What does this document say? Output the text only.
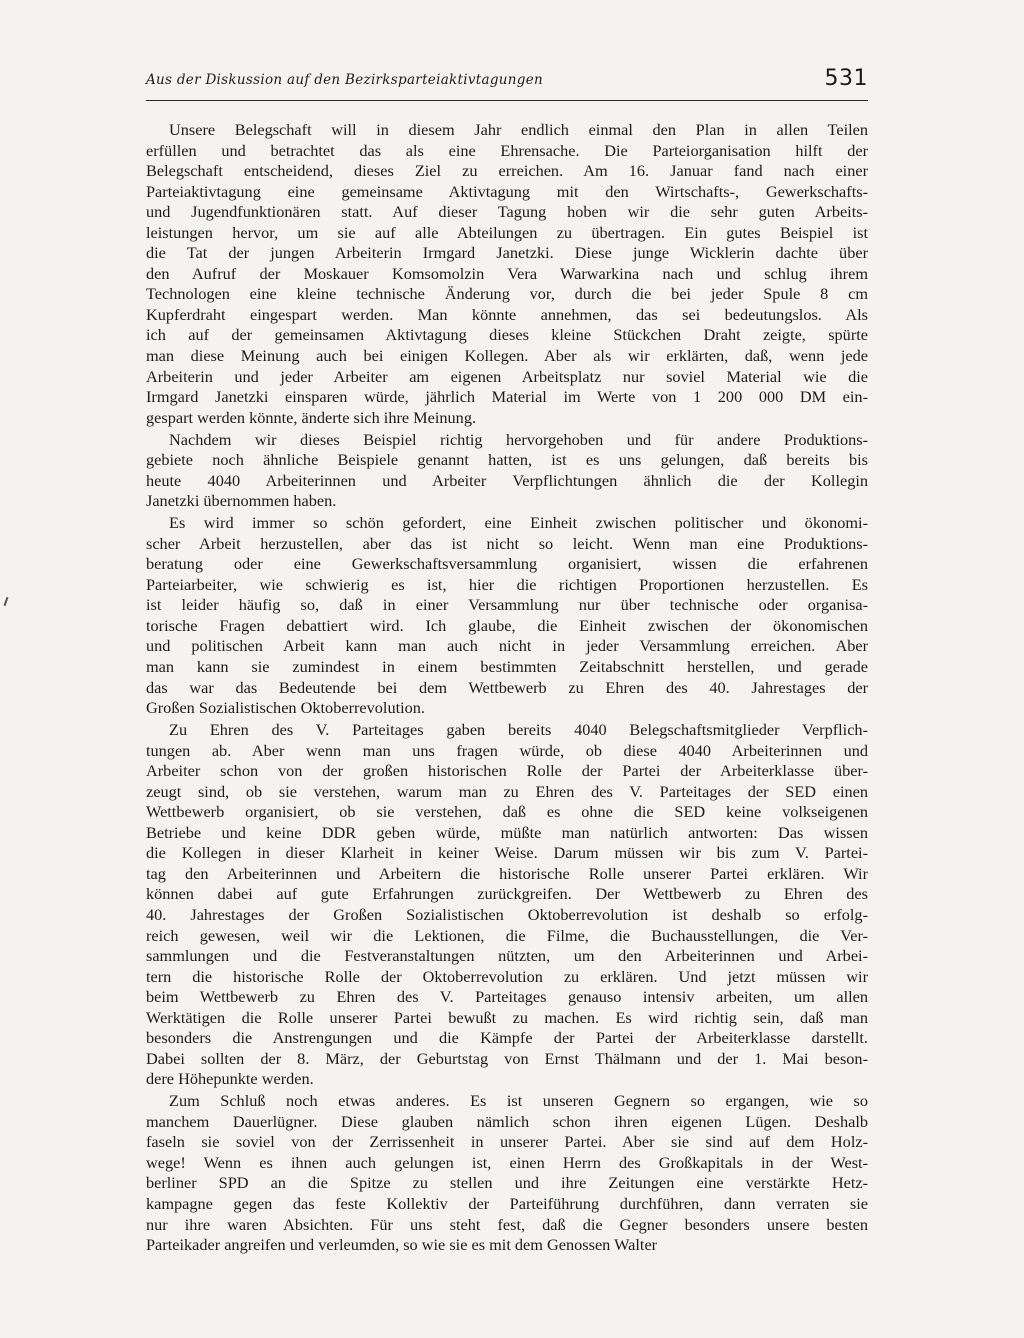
Aus der Diskussion auf den Bezirksparteiaktivtagungen	531
Unsere Belegschaft will in diesem Jahr endlich einmal den Plan in allen Teilen
erfüllen und betrachtet das als eine Ehrensache. Die Parteiorganisation hilft der
Belegschaft entscheidend, dieses Ziel zu erreichen. Am 16. Januar fand nach einer
Parteiaktivtagung eine gemeinsame Aktivtagung mit den Wirtschafts-, Gewerkschafts-
und Jugendfunktionären statt. Auf dieser Tagung hoben wir die sehr guten Arbeits-
leistungen hervor, um sie auf alle Abteilungen zu übertragen. Ein gutes Beispiel ist
die Tat der jungen Arbeiterin Irmgard Janetzki. Diese junge Wicklerin dachte über
den Aufruf der Moskauer Komsomolzin Vera Warwarkina nach und schlug ihrem
Technologen eine kleine technische Änderung vor, durch die bei jeder Spule 8 cm
Kupferdraht eingespart werden. Man könnte annehmen, das sei bedeutungslos. Als
ich auf der gemeinsamen Aktivtagung dieses kleine Stückchen Draht zeigte, spürte
man diese Meinung auch bei einigen Kollegen. Aber als wir erklärten, daß, wenn jede
Arbeiterin und jeder Arbeiter am eigenen Arbeitsplatz nur soviel Material wie die
Irmgard Janetzki einsparen würde, jährlich Material im Werte von 1 200 000 DM ein-
gespart werden könnte, änderte sich ihre Meinung.
Nachdem wir dieses Beispiel richtig hervorgehoben und für andere Produktions-
gebiete noch ähnliche Beispiele genannt hatten, ist es uns gelungen, daß bereits bis
heute 4040 Arbeiterinnen und Arbeiter Verpflichtungen ähnlich die der Kollegin
Janetzki übernommen haben.
Es wird immer so schön gefordert, eine Einheit zwischen politischer und ökonomi-
scher Arbeit herzustellen, aber das ist nicht so leicht. Wenn man eine Produktions-
beratung oder eine Gewerkschaftsversammlung organisiert, wissen die erfahrenen
Parteiarbeiter, wie schwierig es ist, hier die richtigen Proportionen herzustellen. Es
ist leider häufig so, daß in einer Versammlung nur über technische oder organisa-
torische Fragen debattiert wird. Ich glaube, die Einheit zwischen der ökonomischen
und politischen Arbeit kann man auch nicht in jeder Versammlung erreichen. Aber
man kann sie zumindest in einem bestimmten Zeitabschnitt herstellen, und gerade
das war das Bedeutende bei dem Wettbewerb zu Ehren des 40. Jahrestages der
Großen Sozialistischen Oktoberrevolution.
Zu Ehren des V. Parteitages gaben bereits 4040 Belegschaftsmitglieder Verpflich-
tungen ab. Aber wenn man uns fragen würde, ob diese 4040 Arbeiterinnen und
Arbeiter schon von der großen historischen Rolle der Partei der Arbeiterklasse über-
zeugt sind, ob sie verstehen, warum man zu Ehren des V. Parteitages der SED einen
Wettbewerb organisiert, ob sie verstehen, daß es ohne die SED keine volkseigenen
Betriebe und keine DDR geben würde, müßte man natürlich antworten: Das wissen
die Kollegen in dieser Klarheit in keiner Weise. Darum müssen wir bis zum V. Partei-
tag den Arbeiterinnen und Arbeitern die historische Rolle unserer Partei erklären. Wir
können dabei auf gute Erfahrungen zurückgreifen. Der Wettbewerb zu Ehren des
40. Jahrestages der Großen Sozialistischen Oktoberrevolution ist deshalb so erfolg-
reich gewesen, weil wir die Lektionen, die Filme, die Buchausstellungen, die Ver-
sammlungen und die Festveranstaltungen nützten, um den Arbeiterinnen und Arbei-
tern die historische Rolle der Oktoberrevolution zu erklären. Und jetzt müssen wir
beim Wettbewerb zu Ehren des V. Parteitages genauso intensiv arbeiten, um allen
Werktätigen die Rolle unserer Partei bewußt zu machen. Es wird richtig sein, daß man
besonders die Anstrengungen und die Kämpfe der Partei der Arbeiterklasse darstellt.
Dabei sollten der 8. März, der Geburtstag von Ernst Thälmann und der 1. Mai beson-
dere Höhepunkte werden.
Zum Schluß noch etwas anderes. Es ist unseren Gegnern so ergangen, wie so
manchem Dauerlügner. Diese glauben nämlich schon ihren eigenen Lügen. Deshalb
faseln sie soviel von der Zerrissenheit in unserer Partei. Aber sie sind auf dem Holz-
wege! Wenn es ihnen auch gelungen ist, einen Herrn des Großkapitals in der West-
berliner SPD an die Spitze zu stellen und ihre Zeitungen eine verstärkte Hetz-
kampagne gegen das feste Kollektiv der Parteiführung durchführen, dann verraten sie
nur ihre waren Absichten. Für uns steht fest, daß die Gegner besonders unsere besten
Parteikader angreifen und verleumden, so wie sie es mit dem Genossen Walter
